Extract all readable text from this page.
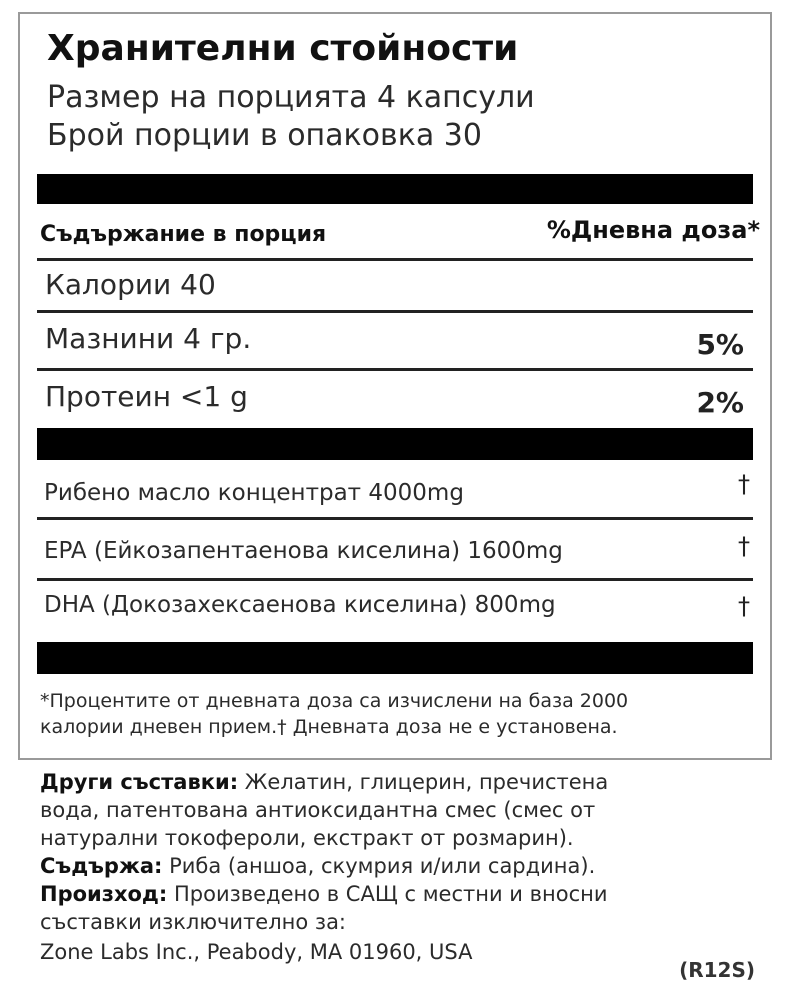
Хранителни стойности
Размер на порцията 4 капсули
Брой порции в опаковка 30
Съдържание в порция	%Дневна доза*
Калории 40
Мазнини 4 гр.	5%
Протеин <1 g	2%
Рибено масло концентрат 4000mg	†
EPA (Ейкозапентаенова киселина) 1600mg	†
DHA (Докозахексаенова киселина) 800mg	†
*Процентите от дневната доза са изчислени на база 2000
калории дневен прием.† Дневната доза не е установена.
Други съставки: Желатин, глицерин, пречистена
вода, патентована антиоксидантна смес (смес от
натурални токофероли, екстракт от розмарин).
Съдържа: Риба (аншоа, скумрия и/или сардина).
Произход: Произведено в САЩ с местни и вносни
съставки изключително за:
Zone Labs Inc., Peabody, MA 01960, USA
(R12S)
